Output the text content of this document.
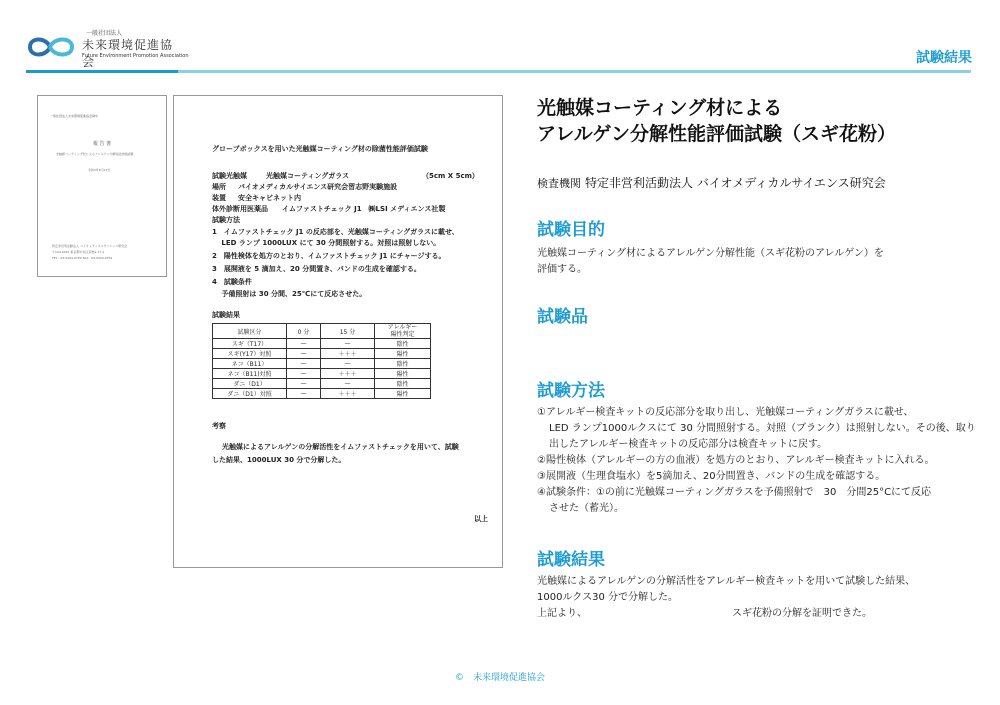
一般社団法人
未来環境促進協会
Future Environment Promotion Association	試験結果
一般社団法人未来環境促進協会御中
報 告 書
光触媒コーティング材によるアレルゲン分解性能評価試験
令和2年6月17日
特定非営利活動法人 バイオメディカルサイエンス研究会
〒104-0031 東京都中央区京橋1-17-1
TEL：03-5224-0700 FAX：03-5224-0701
グローブボックスを用いた光触媒コーティング材の除菌性能評価試験
試験光触媒	光触媒コーティングガラス	（5cm X 5cm）
場所 バイオメディカルサイエンス研究会習志野実験施設
装置 安全キャビネット内
体外診断用医薬品 イムファストチェック J1　㈱LSI メディエンス社製
試験方法
1　イムファストチェック J1 の反応部を、光触媒コーティングガラスに載せ、
　 LED ランプ 1000LUX にて 30 分間照射する。対照は照射しない。
2　陽性検体を処方のとおり、イムファストチェック J1 にチャージする。
3　展開液を 5 滴加え、20 分間置き、バンドの生成を確認する。
4　試験条件
　 予備照射は 30 分間、25℃にて反応させた。
試験結果
試験区分	0 分	15 分	アレルギー
陽性判定
スギ（T17）	—	—	陰性
スギ(Y17）対照	—	＋＋＋	陽性
ネコ（B11）	—	—	陰性
ネコ（B11)対照	—	＋＋＋	陽性
ダニ（D1）	—	—	陰性
ダニ（D1）対照	—	＋＋＋	陽性
考察
光触媒によるアレルゲンの分解活性をイムファストチェックを用いて、試験
した結果、1000LUX 30 分で分解した。
以上
光触媒コーティング材による
アレルゲン分解性能評価試験（スギ花粉）
検査機関 特定非営利活動法人 バイオメディカルサイエンス研究会
試験目的
光触媒コーティング材によるアレルゲン分解性能（スギ花粉のアレルゲン）を
評価する。
試験品
試験方法
①アレルギー検査キットの反応部分を取り出し、光触媒コーティングガラスに載せ、
LED ランプ1000ルクスにて 30 分間照射する。対照（ブランク）は照射しない。その後、取り
出したアレルギー検査キットの反応部分は検査キットに戻す。
②陽性検体（アレルギーの方の血液）を処方のとおり、アレルギー検査キットに入れる。
③展開液（生理食塩水）を5滴加え、20分間置き、バンドの生成を確認する。
④試験条件：①の前に光触媒コーティングガラスを予備照射で　30　分間25°Cにて反応
させた（蓄光）。
試験結果
光触媒によるアレルゲンの分解活性をアレルギー検査キットを用いて試験した結果、
1000ルクス30 分で分解した。
上記より、　　　　　　　　　　　　　　　スギ花粉の分解を証明できた。
©　未来環境促進協会
